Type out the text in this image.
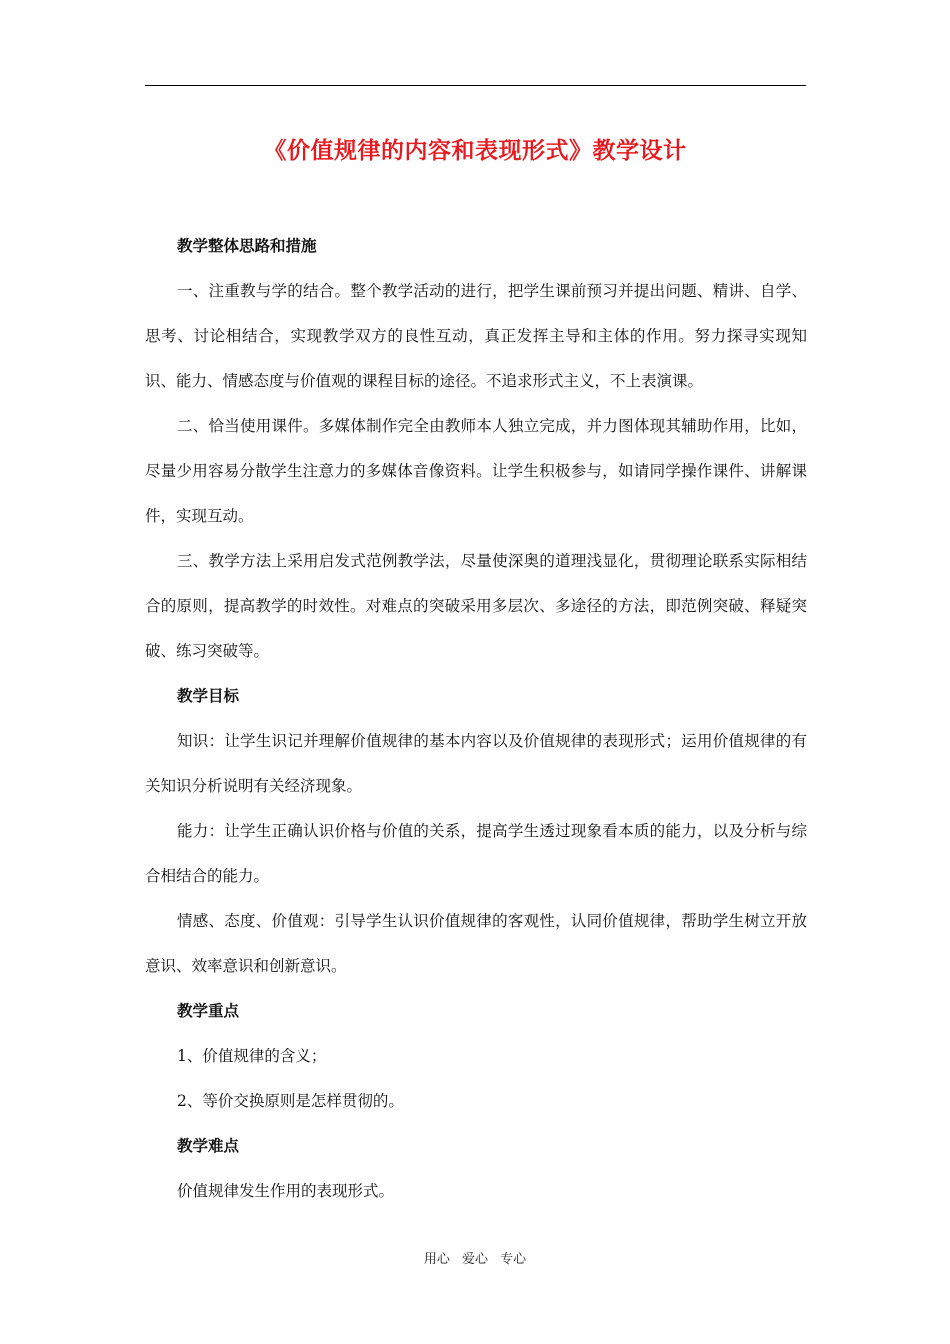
《价值规律的内容和表现形式》教学设计
教学整体思路和措施

一、注重教与学的结合。整个教学活动的进行，把学生课前预习并提出问题、精讲、自学、思考、讨论相结合，实现教学双方的良性互动，真正发挥主导和主体的作用。努力探寻实现知识、能力、情感态度与价值观的课程目标的途径。不追求形式主义，不上表演课。

二、恰当使用课件。多媒体制作完全由教师本人独立完成，并力图体现其辅助作用，比如，尽量少用容易分散学生注意力的多媒体音像资料。让学生积极参与，如请同学操作课件、讲解课件，实现互动。

三、教学方法上采用启发式范例教学法，尽量使深奥的道理浅显化，贯彻理论联系实际相结合的原则，提高教学的时效性。对难点的突破采用多层次、多途径的方法，即范例突破、释疑突破、练习突破等。

教学目标

知识：让学生识记并理解价值规律的基本内容以及价值规律的表现形式；运用价值规律的有关知识分析说明有关经济现象。

能力：让学生正确认识价格与价值的关系，提高学生透过现象看本质的能力，以及分析与综合相结合的能力。

情感、态度、价值观：引导学生认识价值规律的客观性，认同价值规律，帮助学生树立开放意识、效率意识和创新意识。

教学重点

1、价值规律的含义；

2、等价交换原则是怎样贯彻的。

教学难点

价值规律发生作用的表现形式。

用心 爱心 专心
